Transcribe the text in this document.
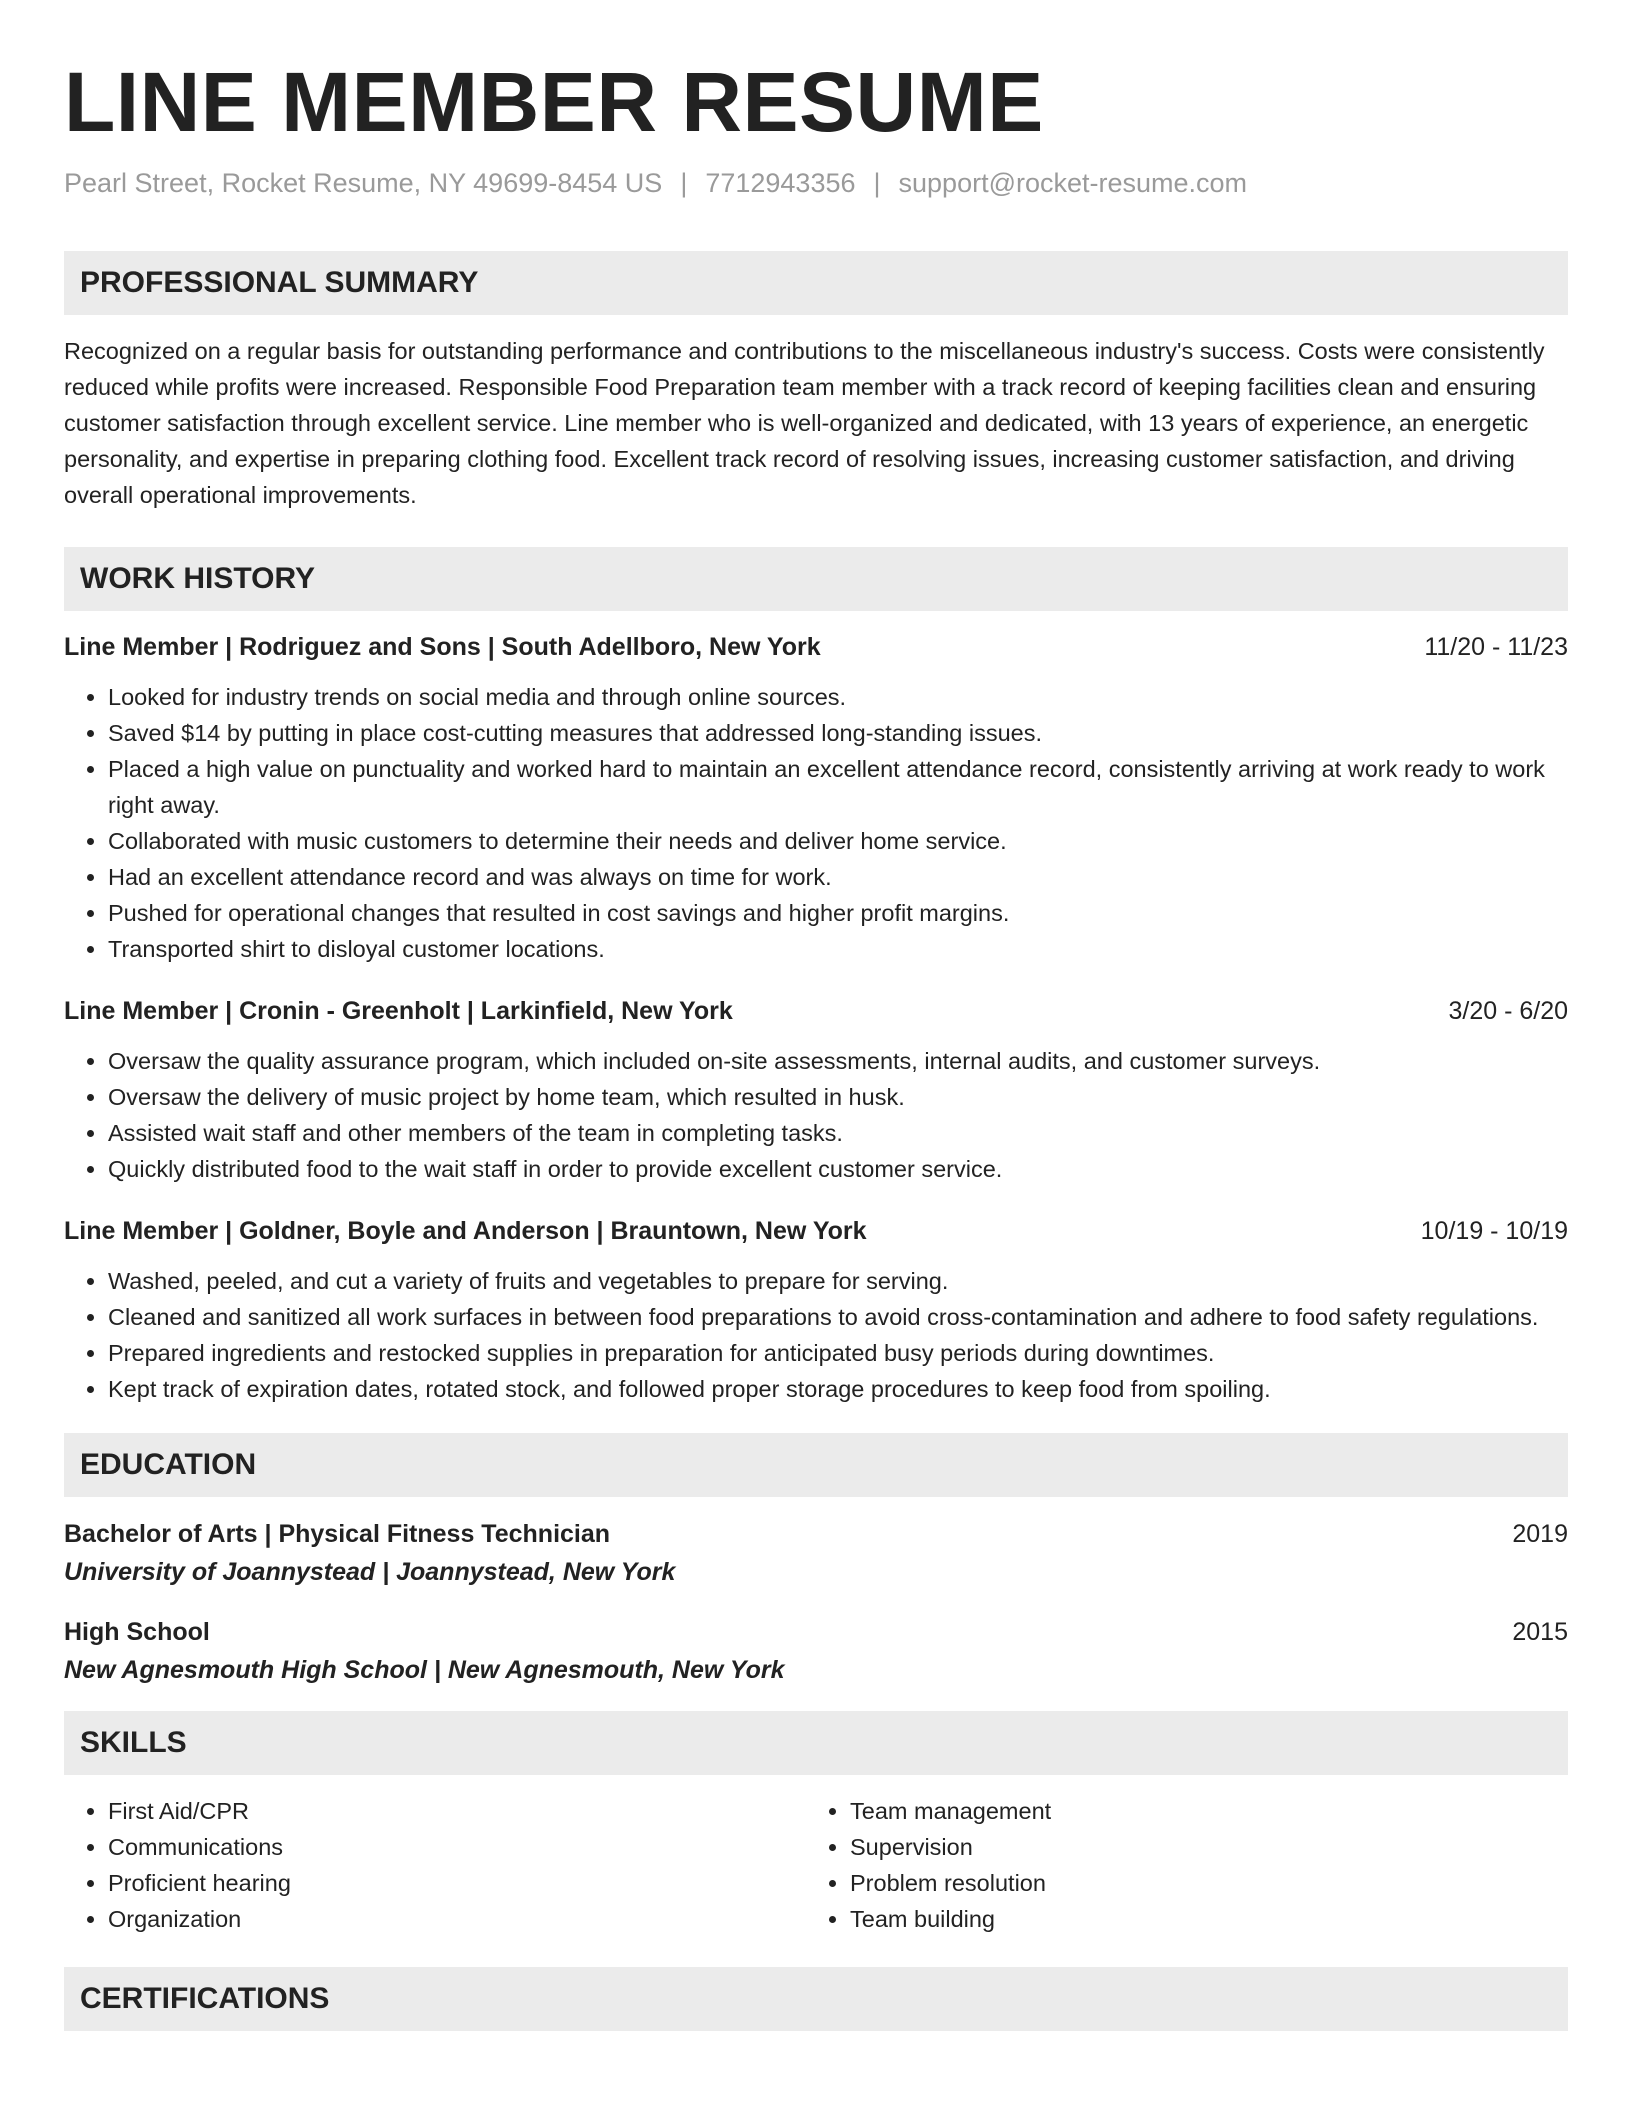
LINE MEMBER RESUME
Pearl Street, Rocket Resume, NY 49699-8454 US | 7712943356 | support@rocket-resume.com
PROFESSIONAL SUMMARY

Recognized on a regular basis for outstanding performance and contributions to the miscellaneous industry's success. Costs were consistently reduced while profits were increased. Responsible Food Preparation team member with a track record of keeping facilities clean and ensuring customer satisfaction through excellent service. Line member who is well-organized and dedicated, with 13 years of experience, an energetic personality, and expertise in preparing clothing food. Excellent track record of resolving issues, increasing customer satisfaction, and driving overall operational improvements.

WORK HISTORY
Line Member | Rodriguez and Sons | South Adellboro, New York	11/20 - 11/23
• Looked for industry trends on social media and through online sources.
• Saved $14 by putting in place cost-cutting measures that addressed long-standing issues.
• Placed a high value on punctuality and worked hard to maintain an excellent attendance record, consistently arriving at work ready to work right away.
• Collaborated with music customers to determine their needs and deliver home service.
• Had an excellent attendance record and was always on time for work.
• Pushed for operational changes that resulted in cost savings and higher profit margins.
• Transported shirt to disloyal customer locations.
Line Member | Cronin - Greenholt | Larkinfield, New York	3/20 - 6/20
• Oversaw the quality assurance program, which included on-site assessments, internal audits, and customer surveys.
• Oversaw the delivery of music project by home team, which resulted in husk.
• Assisted wait staff and other members of the team in completing tasks.
• Quickly distributed food to the wait staff in order to provide excellent customer service.
Line Member | Goldner, Boyle and Anderson | Brauntown, New York	10/19 - 10/19
• Washed, peeled, and cut a variety of fruits and vegetables to prepare for serving.
• Cleaned and sanitized all work surfaces in between food preparations to avoid cross-contamination and adhere to food safety regulations.
• Prepared ingredients and restocked supplies in preparation for anticipated busy periods during downtimes.
• Kept track of expiration dates, rotated stock, and followed proper storage procedures to keep food from spoiling.
EDUCATION
Bachelor of Arts | Physical Fitness Technician	2019
University of Joannystead | Joannystead, New York
High School	2015
New Agnesmouth High School | New Agnesmouth, New York
SKILLS
• First Aid/CPR
• Communications
• Proficient hearing
• Organization
• Team management
• Supervision
• Problem resolution
• Team building
CERTIFICATIONS
